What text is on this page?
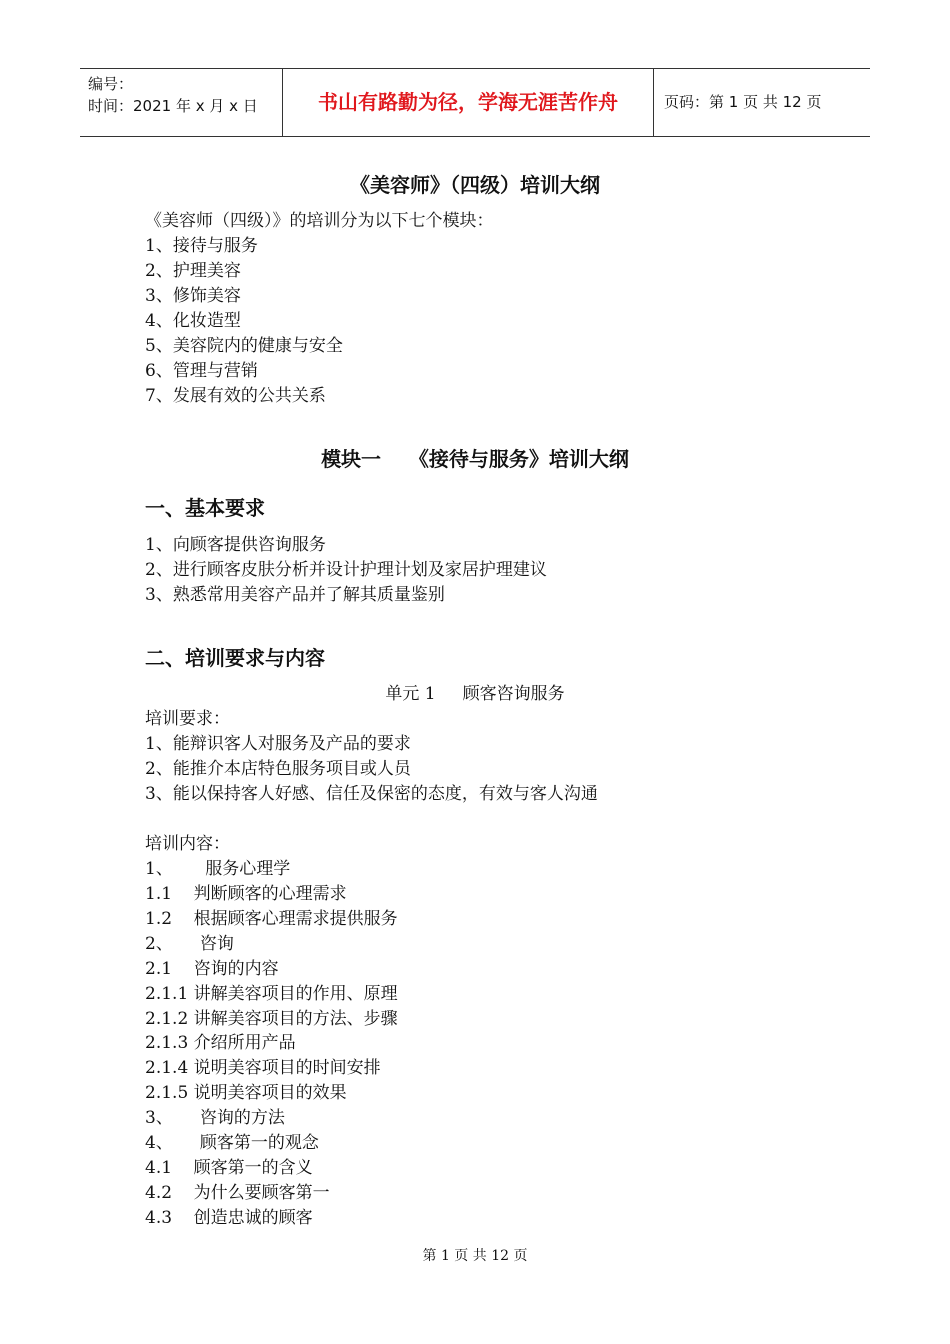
编号：
时间：2021 年 x 月 x 日	书山有路勤为径，学海无涯苦作舟	页码：第 1 页 共 12 页
《美容师》（四级）培训大纲
《美容师（四级）》的培训分为以下七个模块：
1、接待与服务
2、护理美容
3、修饰美容
4、化妆造型
5、美容院内的健康与安全
6、管理与营销
7、发展有效的公共关系
模块一    《接待与服务》培训大纲
一、基本要求
1、向顾客提供咨询服务
2、进行顾客皮肤分析并设计护理计划及家居护理建议
3、熟悉常用美容产品并了解其质量鉴别
二、培训要求与内容
单元 1     顾客咨询服务
培训要求：
1、能辩识客人对服务及产品的要求
2、能推介本店特色服务项目或人员
3、能以保持客人好感、信任及保密的态度，有效与客人沟通
培训内容：
1、      服务心理学
1.1    判断顾客的心理需求
1.2    根据顾客心理需求提供服务
2、     咨询
2.1    咨询的内容
2.1.1 讲解美容项目的作用、原理
2.1.2 讲解美容项目的方法、步骤
2.1.3 介绍所用产品
2.1.4 说明美容项目的时间安排
2.1.5 说明美容项目的效果
3、     咨询的方法
4、     顾客第一的观念
4.1    顾客第一的含义
4.2    为什么要顾客第一
4.3    创造忠诚的顾客
第 1 页 共 12 页
